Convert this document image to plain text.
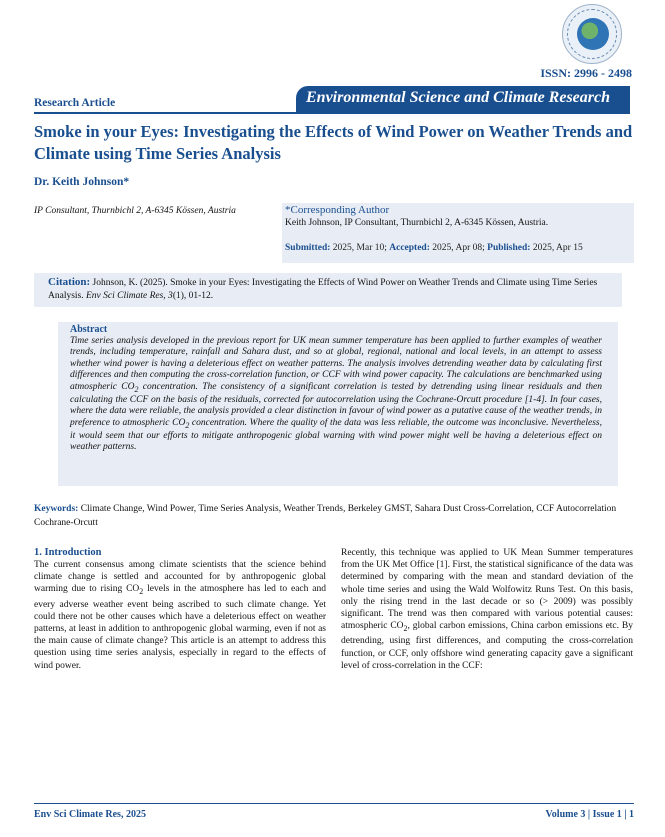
ISSN: 2996 - 2498
Research Article	Environmental Science and Climate Research
Smoke in your Eyes: Investigating the Effects of Wind Power on Weather Trends and Climate using Time Series Analysis
Dr. Keith Johnson*
IP Consultant, Thurnbichl 2, A-6345 Kössen, Austria	*Corresponding Author
Keith Johnson, IP Consultant, Thurnbichl 2, A-6345 Kössen, Austria.
Submitted: 2025, Mar 10; Accepted: 2025, Apr 08; Published: 2025, Apr 15
Citation: Johnson, K. (2025). Smoke in your Eyes: Investigating the Effects of Wind Power on Weather Trends and Climate using Time Series Analysis. Env Sci Climate Res, 3(1), 01-12.
Abstract
Time series analysis developed in the previous report for UK mean summer temperature has been applied to further examples of weather trends, including temperature, rainfall and Sahara dust, and so at global, regional, national and local levels, in an attempt to assess whether wind power is having a deleterious effect on weather patterns. The analysis involves detrending weather data by calculating first differences and then computing the cross-correlation function, or CCF with wind power capacity. The calculations are benchmarked using atmospheric $CO_2$ concentration. The consistency of a significant correlation is tested by detrending using linear residuals and then calculating the CCF on the basis of the residuals, corrected for autocorrelation using the Cochrane-Orcutt procedure [1-4]. In four cases, where the data were reliable, the analysis provided a clear distinction in favour of wind power as a putative cause of the weather trends, in preference to atmospheric $CO_2$ concentration. Where the quality of the data was less reliable, the outcome was inconclusive. Nevertheless, it would seem that our efforts to mitigate anthropogenic global warning with wind power might well be having a deleterious effect on weather patterns.
Keywords: Climate Change, Wind Power, Time Series Analysis, Weather Trends, Berkeley GMST, Sahara Dust Cross-Correlation, CCF Autocorrelation Cochrane-Orcutt
1. Introduction
The current consensus among climate scientists that the science behind climate change is settled and accounted for by anthropogenic global warming due to rising $CO_2$ levels in the atmosphere has led to each and every adverse weather event being ascribed to such climate change. Yet could there not be other causes which have a deleterious effect on weather patterns, at least in addition to anthropogenic global warming, even if not as the main cause of climate change? This article is an attempt to address this question using time series analysis, especially in regard to the effects of wind power.
Recently, this technique was applied to UK Mean Summer temperatures from the UK Met Office [1]. First, the statistical significance of the data was determined by comparing with the mean and standard deviation of the whole time series and using the Wald Wolfowitz Runs Test. On this basis, only the rising trend in the last decade or so (> 2009) was possibly significant. The trend was then compared with various potential causes: atmospheric $CO_2$, global carbon emissions, China carbon emissions etc. By detrending, using first differences, and computing the cross-correlation function, or CCF, only offshore wind generating capacity gave a significant level of cross-correlation in the CCF:
Env Sci Climate Res, 2025	Volume 3 | Issue 1 | 1
